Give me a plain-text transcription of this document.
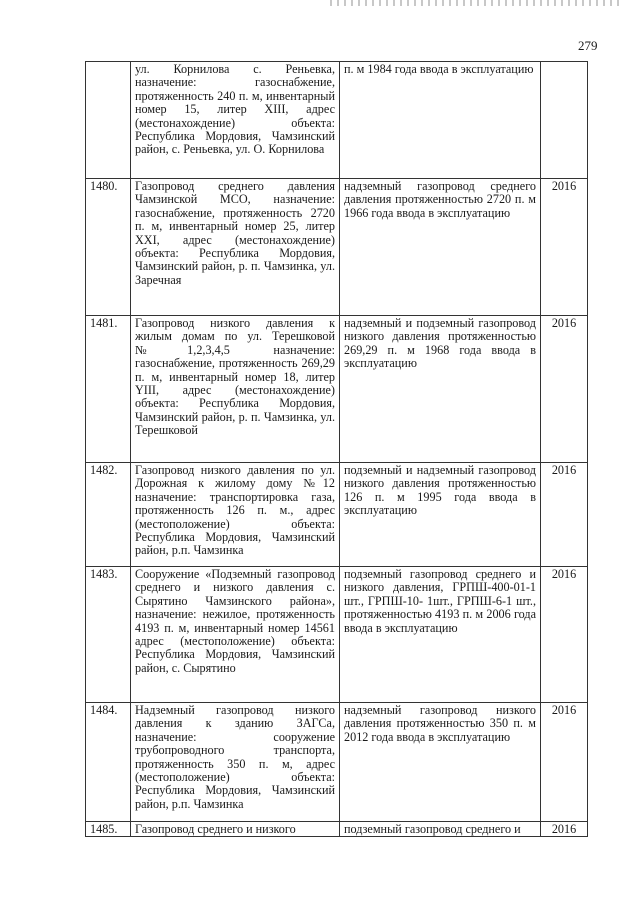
279
	ул. Корнилова с. Реньевка, назначение: газоснабжение, протяженность 240 п. м, инвентарный номер 15, литер XIII, адрес (местонахождение) объекта: Республика Мордовия, Чамзинский район, с. Реньевка, ул. О. Корнилова	п. м 1984 года ввода в эксплуатацию	
1480.	Газопровод среднего давления Чамзинской МСО, назначение: газоснабжение, протяженность 2720 п. м, инвентарный номер 25, литер XXI, адрес (местонахождение) объекта: Республика Мордовия, Чамзинский район, р. п. Чамзинка, ул. Заречная	надземный газопровод среднего давления протяженностью 2720 п. м 1966 года ввода в эксплуатацию	2016
1481.	Газопровод низкого давления к жилым домам по ул. Терешковой №1,2,3,4,5 назначение: газоснабжение, протяженность 269,29 п. м, инвентарный номер 18, литер YIII, адрес (местонахождение) объекта: Республика Мордовия, Чамзинский район, р. п. Чамзинка, ул. Терешковой	надземный и подземный газопровод низкого давления протяженностью 269,29 п. м 1968 года ввода в эксплуатацию	2016
1482.	Газопровод низкого давления по ул. Дорожная к жилому дому №12 назначение: транспортировка газа, протяженность 126 п. м., адрес (местоположение) объекта: Республика Мордовия, Чамзинский район, р.п. Чамзинка	подземный и надземный газопровод низкого давления протяженностью 126 п. м 1995 года ввода в эксплуатацию	2016
1483.	Сооружение «Подземный газопровод среднего и низкого давления с. Сырятино Чамзинского района», назначение: нежилое, протяженность 4193 п. м, инвентарный номер 14561 адрес (местоположение) объекта: Республика Мордовия, Чамзинский район, с. Сырятино	подземный газопровод среднего и низкого давления, ГРПШ-400-01-1 шт., ГРПШ-10- 1шт., ГРПШ-6-1 шт., протяженностью 4193 п. м 2006 года ввода в эксплуатацию	2016
1484.	Надземный газопровод низкого давления к зданию ЗАГСа, назначение: сооружение трубопроводного транспорта, протяженность 350 п. м, адрес (местоположение) объекта: Республика Мордовия, Чамзинский район, р.п. Чамзинка	надземный газопровод низкого давления протяженностью 350 п. м 2012 года ввода в эксплуатацию	2016
1485.	Газопровод среднего и низкого	подземный газопровод среднего и	2016
